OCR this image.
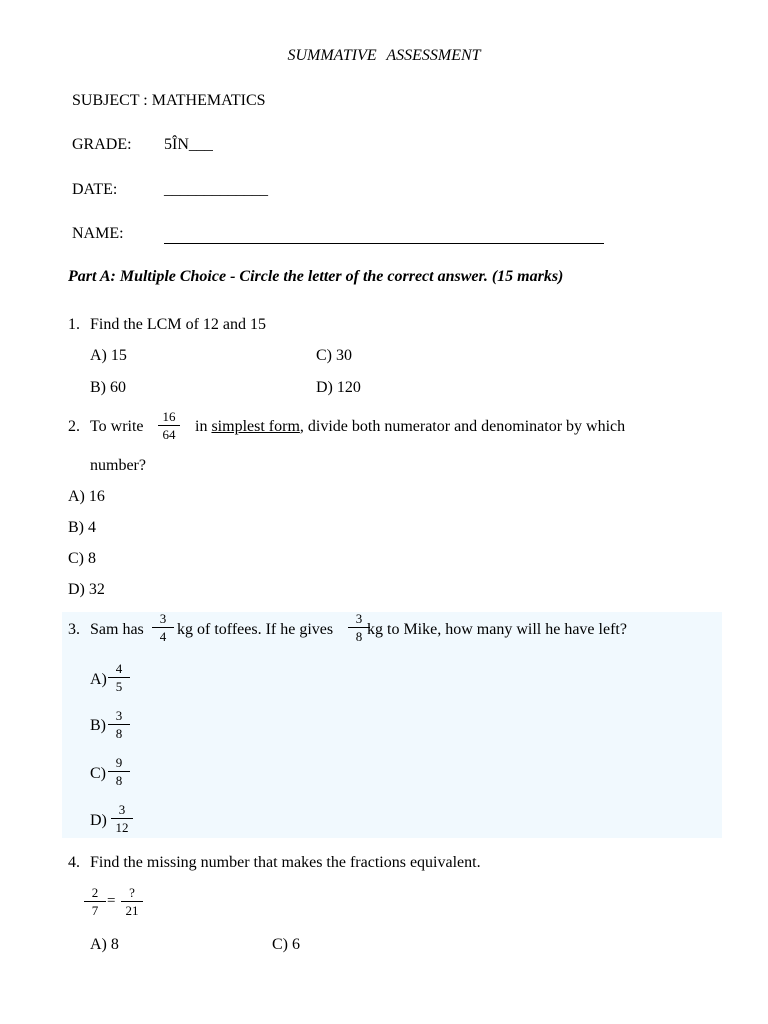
SUMMATIVE ASSESSMENT
SUBJECT : MATHEMATICS
GRADE: 5ÎN___
DATE:	_____________
NAME:
Part A: Multiple Choice - Circle the letter of the correct answer. (15 marks)
1. Find the LCM of 12 and 15
A) 15	C) 30
B) 60	D) 120
2. To write $\frac{16}{64}$ in simplest form, divide both numerator and denominator by which
number?
A) 16
B) 4
C) 8
D) 32
3. Sam has $\frac{3}{4}$ kg of toffees. If he gives $\frac{3}{8}$
kg to Mike, how many will he have left?
$A) \frac{4}{5}$
$B) \frac{3}{8}$
$C) \frac{9}{8}$
$D) \frac{3}{12}$
4. Find the missing number that makes the fractions equivalent.
$\frac{2}{7}$ =
?
21
A) 8	C) 6
